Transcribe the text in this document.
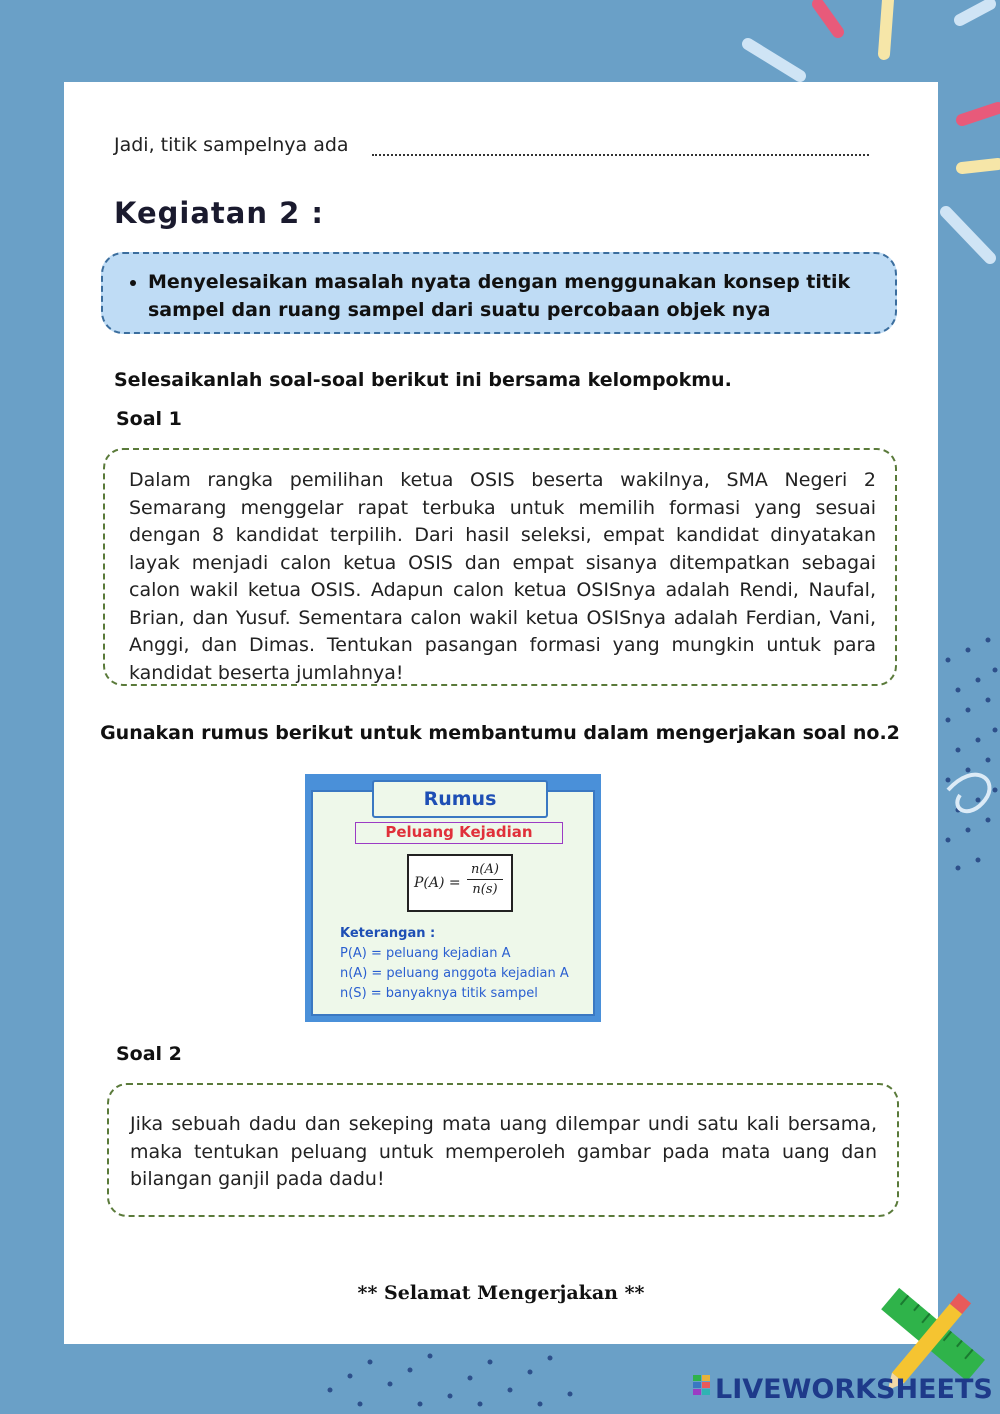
Jadi, titik sampelnya ada
Kegiatan 2 :
• Menyelesaikan masalah nyata dengan menggunakan konsep titik sampel dan ruang sampel dari suatu percobaan objek nya
Selesaikanlah soal-soal berikut ini bersama kelompokmu.
Soal 1

Dalam rangka pemilihan ketua OSIS beserta wakilnya, SMA Negeri 2 Semarang menggelar rapat terbuka untuk memilih formasi yang sesuai dengan 8 kandidat terpilih. Dari hasil seleksi, empat kandidat dinyatakan layak menjadi calon ketua OSIS dan empat sisanya ditempatkan sebagai calon wakil ketua OSIS. Adapun calon ketua OSISnya adalah Rendi, Naufal, Brian, dan Yusuf. Sementara calon wakil ketua OSISnya adalah Ferdian, Vani, Anggi, dan Dimas. Tentukan pasangan formasi yang mungkin untuk para kandidat beserta jumlahnya!

Gunakan rumus berikut untuk membantumu dalam mengerjakan soal no.2
Rumus
Peluang Kejadian
P(A) =
n(A)
n(s)
Keterangan :
P(A) = peluang kejadian A
n(A) = peluang anggota kejadian A
n(S) = banyaknya titik sampel
Soal 2

Jika sebuah dadu dan sekeping mata uang dilempar undi satu kali bersama, maka tentukan peluang untuk memperoleh gambar pada mata uang dan bilangan ganjil pada dadu!

** Selamat Mengerjakan **
LIVEWORKSHEETS
